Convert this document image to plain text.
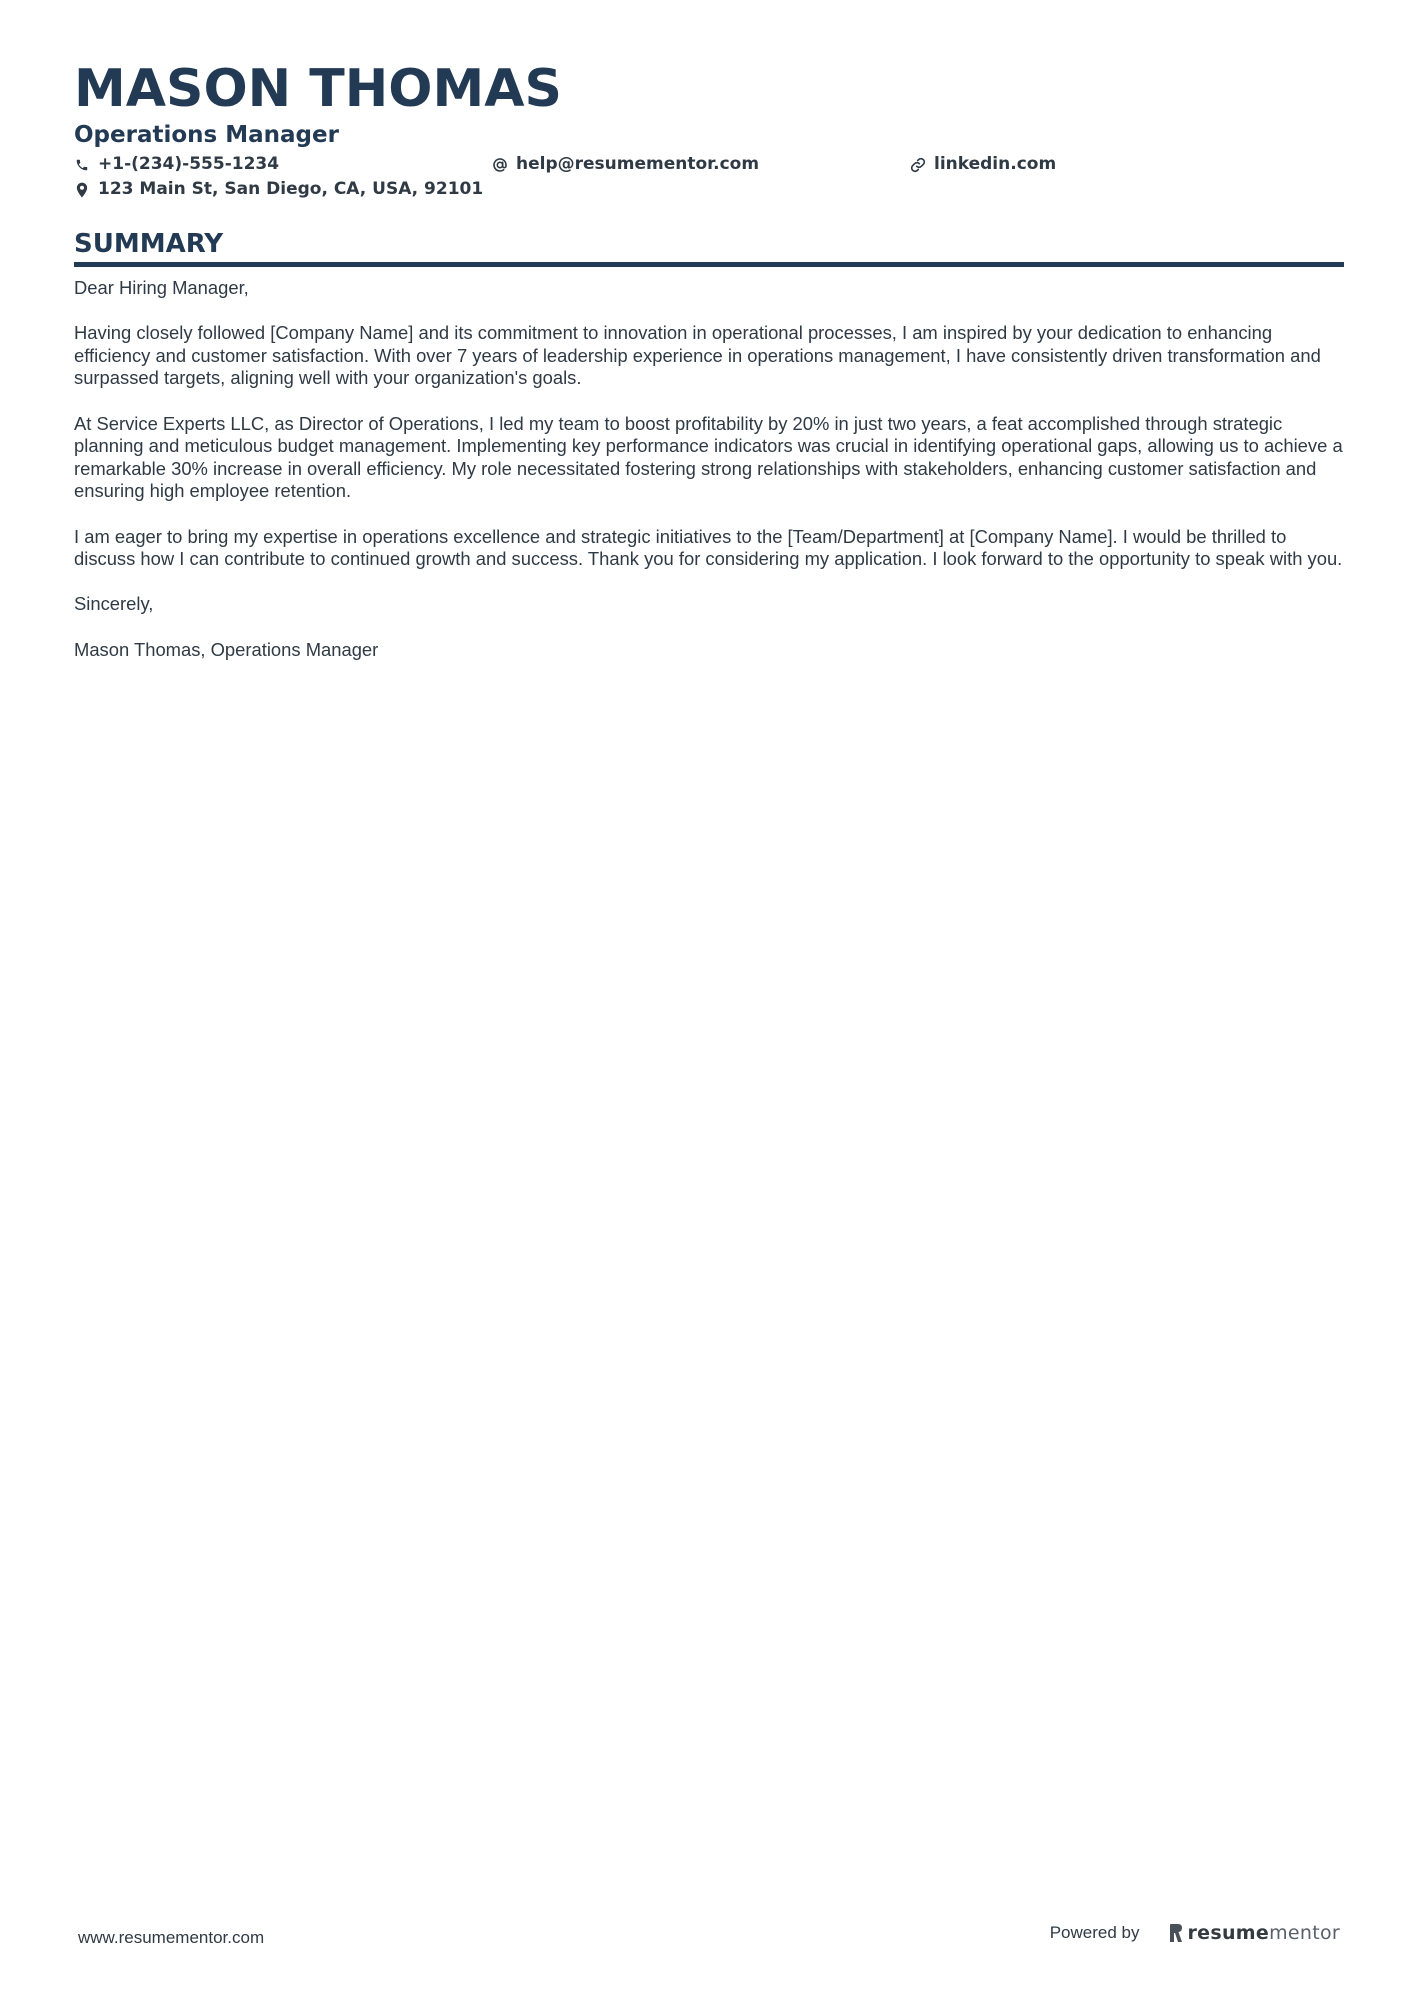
MASON THOMAS
Operations Manager
+1-(234)-555-1234	help@resumementor.com	linkedin.com
123 Main St, San Diego, CA, USA, 92101
SUMMARY

Dear Hiring Manager,

Having closely followed [Company Name] and its commitment to innovation in operational processes, I am inspired by your dedication to enhancing efficiency and customer satisfaction. With over 7 years of leadership experience in operations management, I have consistently driven transformation and surpassed targets, aligning well with your organization's goals.

At Service Experts LLC, as Director of Operations, I led my team to boost profitability by 20% in just two years, a feat accomplished through strategic planning and meticulous budget management. Implementing key performance indicators was crucial in identifying operational gaps, allowing us to achieve a remarkable 30% increase in overall efficiency. My role necessitated fostering strong relationships with stakeholders, enhancing customer satisfaction and ensuring high employee retention.

I am eager to bring my expertise in operations excellence and strategic initiatives to the [Team/Department] at [Company Name]. I would be thrilled to discuss how I can contribute to continued growth and success. Thank you for considering my application. I look forward to the opportunity to speak with you.

Sincerely,

Mason Thomas, Operations Manager

www.resumementor.com	Powered by	resume mentor
